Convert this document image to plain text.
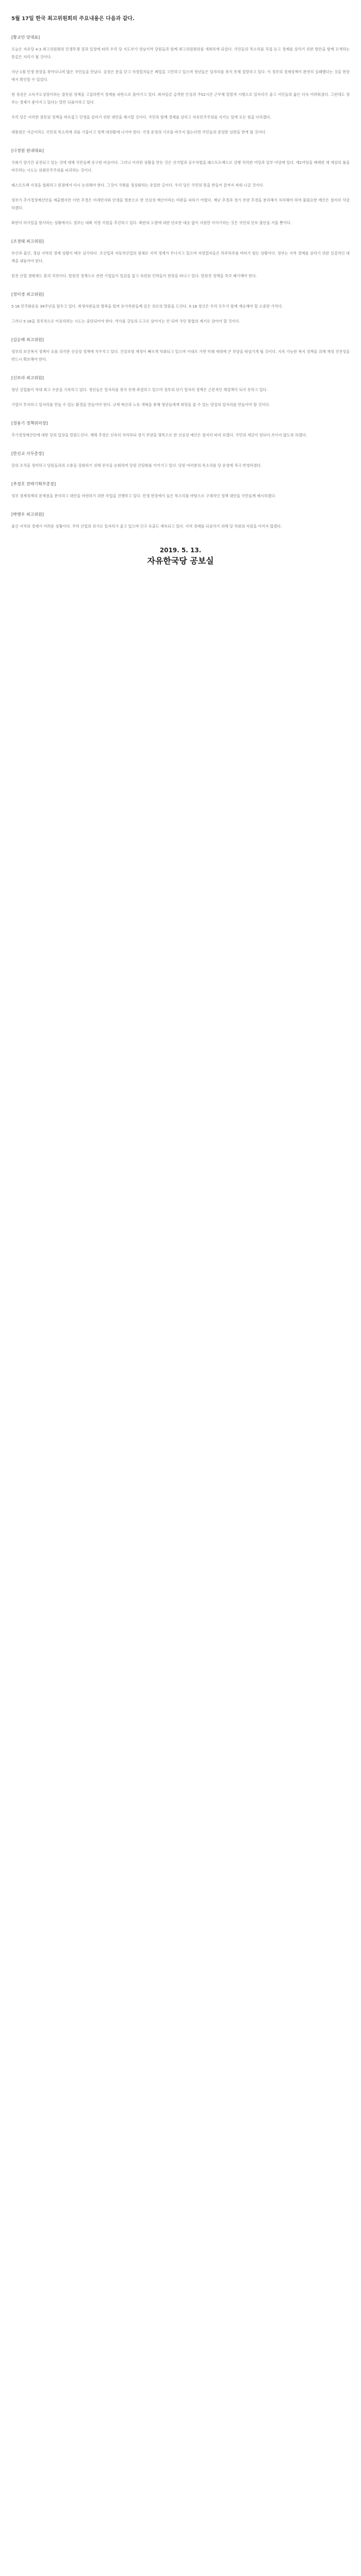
5월 17일 한국 최고위원회의 주요내용은 다음과 같다.
[황교안 당대표]

오늘은 자유당 4·3 최고위원회의 민생투쟁 결과 일정에 따라 우리 당 지도부가 영남지역 당원들과 함께 최고위원회의를 개최하게 되었다. 국민들의 목소리를 직접 듣고 경제를 살리기 위한 방안을 함께 모색하는 뜻깊은 자리가 될 것이다.

지난 1월 민생 현장을 찾아다니며 많은 국민들을 만났다. 공장은 문을 닫고 자영업자들은 폐업을 고민하고 있으며 청년들은 일자리를 찾지 못해 절망하고 있다. 이 정부의 경제정책이 완전히 실패했다는 것을 현장에서 확인할 수 있었다.

현 정권은 소득주도성장이라는 잘못된 정책을 고집하면서 경제를 파탄으로 몰아가고 있다. 최저임금 급격한 인상과 주52시간 근무제 일방적 시행으로 일자리가 줄고 서민들의 삶은 더욱 어려워졌다. 그런데도 정부는 경제가 좋아지고 있다는 말만 되풀이하고 있다.

우리 당은 이러한 잘못된 정책을 바로잡고 민생을 살리기 위한 대안을 제시할 것이다. 국민과 함께 경제를 살리고 자유민주주의를 지키는 일에 모든 힘을 다하겠다.

대통령은 지금이라도 국민의 목소리에 귀를 기울이고 정책 대전환에 나서야 한다. 국정 운영의 기조를 바꾸지 않는다면 국민들의 준엄한 심판을 받게 될 것이다.

[나경원 원내대표]

국회가 장기간 공전되고 있는 것에 대해 국민들께 송구한 마음이다. 그러나 이러한 상황을 만든 것은 선거법과 공수처법을 패스트트랙으로 강행 처리한 여당과 일부 야당에 있다. 제1야당을 배제한 채 게임의 룰을 바꾸려는 시도는 의회민주주의를 파괴하는 것이다.

패스트트랙 지정을 철회하고 원점에서 다시 논의해야 한다. 그것이 국회를 정상화하는 유일한 길이다. 우리 당은 국민의 뜻을 받들어 끝까지 싸워 나갈 것이다.

정부가 추가경정예산안을 제출했지만 이번 추경은 미세먼지와 민생을 명분으로 한 선심성 예산이라는 비판을 피하기 어렵다. 재난 추경과 경기 부양 추경을 분리해서 처리해야 하며 불필요한 예산은 철저히 삭감하겠다.

북한이 미사일을 발사하는 상황에서도 정부는 대북 식량 지원을 추진하고 있다. 북한의 도발에 대한 단호한 대응 없이 지원만 이야기하는 것은 국민의 안보 불안을 키울 뿐이다.

[조경태 최고위원]

부산과 울산, 경남 지역의 경제 상황이 매우 심각하다. 조선업과 자동차산업의 침체로 지역 경제가 무너지고 있으며 자영업자들은 하루하루를 버티기 힘든 상황이다. 정부는 지역 경제를 살리기 위한 실질적인 대책을 내놓아야 한다.

원전 산업 생태계도 붕괴 직전이다. 탈원전 정책으로 관련 기업들이 일감을 잃고 숙련된 인력들이 현장을 떠나고 있다. 탈원전 정책을 즉각 폐기해야 한다.

[정미경 최고위원]

5·18 민주화운동 39주년을 앞두고 있다. 희생자분들의 명복을 빌며 유가족분들께 깊은 위로의 말씀을 드린다. 5·18 정신은 우리 모두가 함께 계승해야 할 소중한 가치다.

그러나 5·18을 정치적으로 이용하려는 시도는 중단되어야 한다. 역사를 갈등의 도구로 삼아서는 안 되며 국민 통합의 계기로 삼아야 할 것이다.

[김순례 최고위원]

정부의 보건복지 정책이 표를 의식한 선심성 정책에 치우치고 있다. 건강보험 재정이 빠르게 악화되고 있으며 이대로 가면 미래 세대에 큰 부담을 떠넘기게 될 것이다. 지속 가능한 복지 정책을 위해 재정 건전성을 반드시 확보해야 한다.

[신보라 최고위원]

청년 실업률이 역대 최고 수준을 기록하고 있다. 청년들은 일자리를 찾지 못해 좌절하고 있으며 정부의 단기 일자리 정책은 근본적인 해결책이 되지 못하고 있다.

기업이 투자하고 일자리를 만들 수 있는 환경을 만들어야 한다. 규제 혁신과 노동 개혁을 통해 청년들에게 희망을 줄 수 있는 양질의 일자리를 만들어야 할 것이다.

[정용기 정책위의장]

추가경정예산안에 대한 당의 입장을 말씀드린다. 재해 추경은 신속히 처리하되 경기 부양을 명목으로 한 선심성 예산은 철저히 따져 보겠다. 국민의 세금이 헛되이 쓰이지 않도록 하겠다.

[한선교 사무총장]

당의 조직을 정비하고 당원들과의 소통을 강화하기 위해 전국을 순회하며 당원 간담회를 이어가고 있다. 당원 여러분의 목소리를 당 운영에 적극 반영하겠다.

[추경호 전략기획부총장]

정부 경제정책의 문제점을 분석하고 대안을 마련하기 위한 작업을 진행하고 있다. 민생 현장에서 들은 목소리를 바탕으로 구체적인 정책 대안을 국민들께 제시하겠다.

[박맹우 최고위원]

울산 지역의 경제가 어려운 상황이다. 주력 산업의 위기로 일자리가 줄고 있으며 인구 유출도 계속되고 있다. 지역 경제를 되살리기 위해 당 차원의 지원을 아끼지 않겠다.

2019. 5. 13.
자유한국당 공보실
